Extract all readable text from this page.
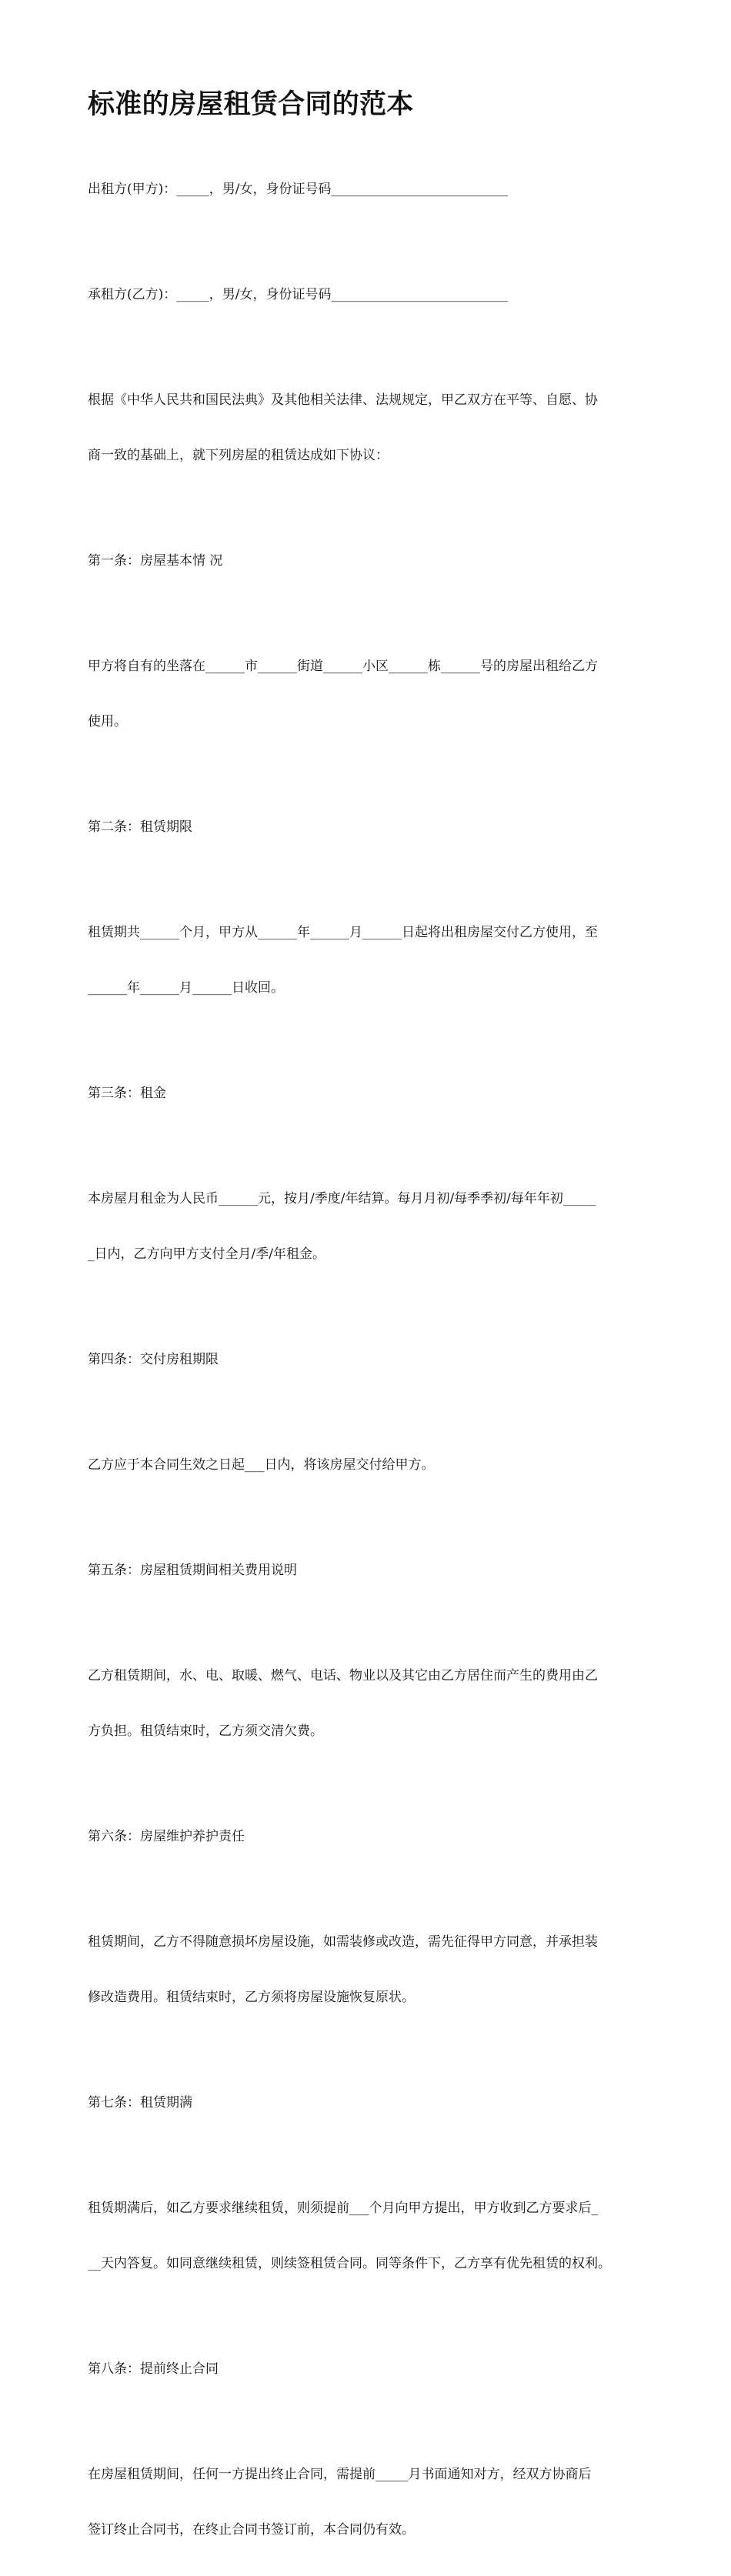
标准的房屋租赁合同的范本

出租方(甲方)：_____，男/女，身份证号码___________________________

承租方(乙方)：_____，男/女，身份证号码___________________________

根据《中华人民共和国民法典》及其他相关法律、法规规定，甲乙双方在平等、自愿、协

商一致的基础上，就下列房屋的租赁达成如下协议：

第一条：房屋基本情 况

甲方将自有的坐落在______市______街道______小区______栋______号的房屋出租给乙方

使用。

第二条：租赁期限

租赁期共______个月，甲方从______年______月______日起将出租房屋交付乙方使用，至

______年______月______日收回。

第三条：租金

本房屋月租金为人民币______元，按月/季度/年结算。每月月初/每季季初/每年年初_____

_日内，乙方向甲方支付全月/季/年租金。

第四条：交付房租期限

乙方应于本合同生效之日起___日内，将该房屋交付给甲方。

第五条：房屋租赁期间相关费用说明

乙方租赁期间，水、电、取暖、燃气、电话、物业以及其它由乙方居住而产生的费用由乙

方负担。租赁结束时，乙方须交清欠费。

第六条：房屋维护养护责任

租赁期间，乙方不得随意损坏房屋设施，如需装修或改造，需先征得甲方同意，并承担装

修改造费用。租赁结束时，乙方须将房屋设施恢复原状。

第七条：租赁期满

租赁期满后，如乙方要求继续租赁，则须提前___个月向甲方提出，甲方收到乙方要求后_

__天内答复。如同意继续租赁，则续签租赁合同。同等条件下，乙方享有优先租赁的权利。

第八条：提前终止合同

在房屋租赁期间，任何一方提出终止合同，需提前_____月书面通知对方，经双方协商后

签订终止合同书，在终止合同书签订前，本合同仍有效。
